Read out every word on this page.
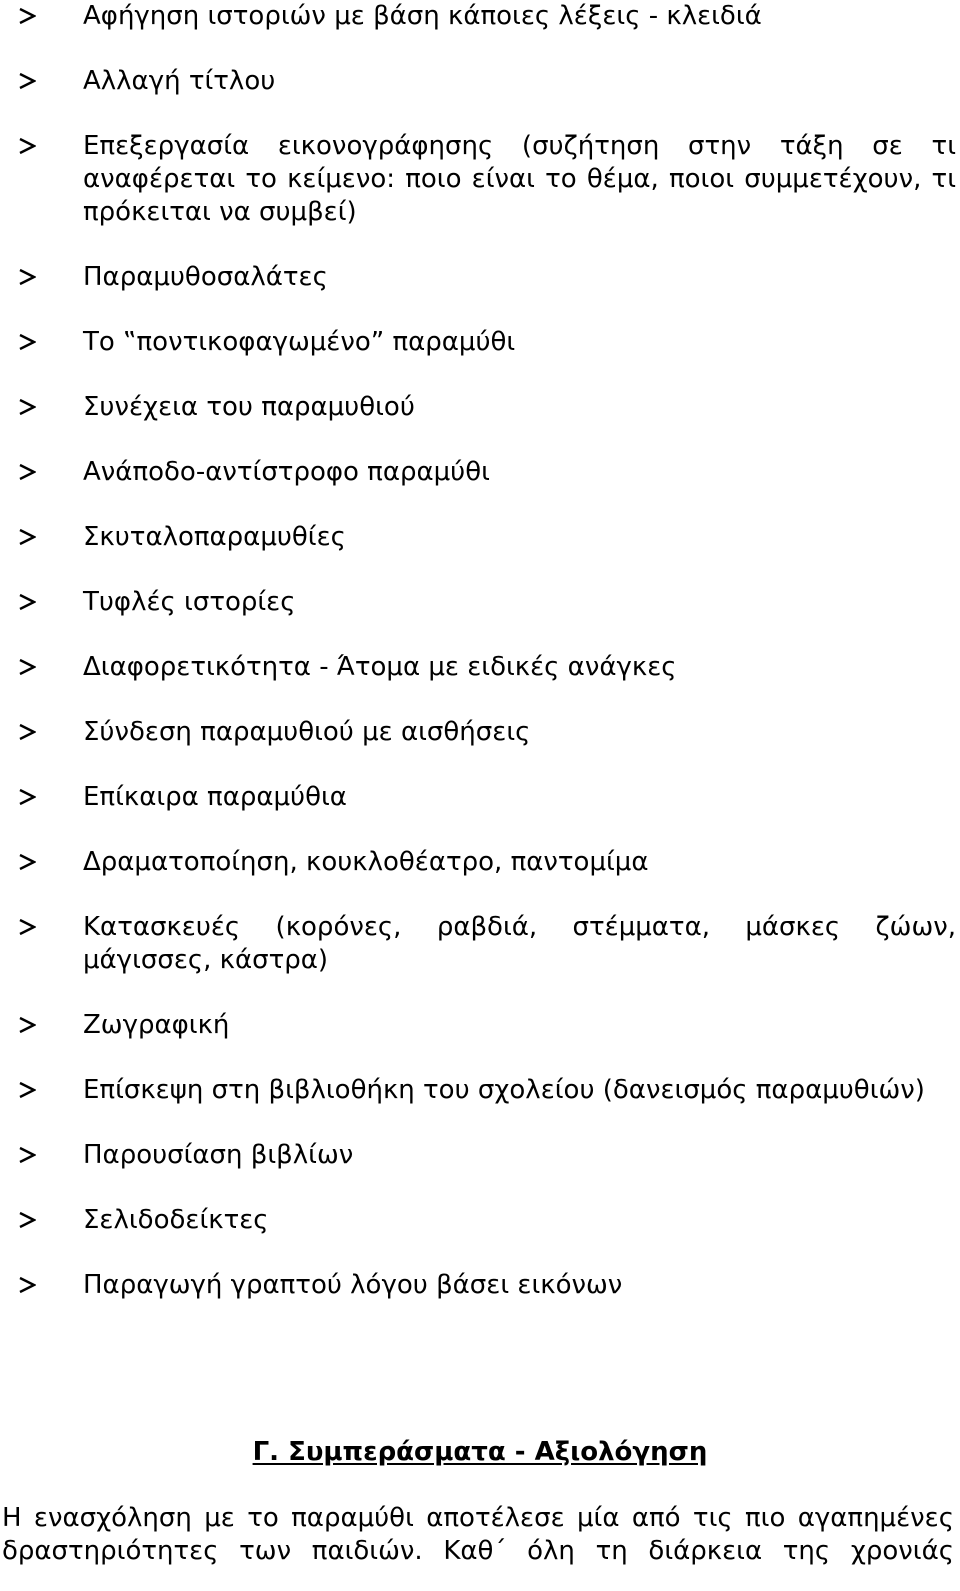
Αφήγηση ιστοριών με βάση κάποιες λέξεις - κλειδιά
Αλλαγή τίτλου
Επεξεργασία εικονογράφησης (συζήτηση στην τάξη σε τι αναφέρεται το κείμενο: ποιο είναι το θέμα, ποιοι συμμετέχουν, τι πρόκειται να συμβεί)
Παραμυθοσαλάτες
Το ‟ποντικοφαγωμένο” παραμύθι
Συνέχεια του παραμυθιού
Ανάποδο-αντίστροφο παραμύθι
Σκυταλοπαραμυθίες
Τυφλές ιστορίες
Διαφορετικότητα - Άτομα με ειδικές ανάγκες
Σύνδεση παραμυθιού με αισθήσεις
Επίκαιρα παραμύθια
Δραματοποίηση, κουκλοθέατρο, παντομίμα
Κατασκευές (κορόνες, ραβδιά, στέμματα, μάσκες ζώων, μάγισσες, κάστρα)
Ζωγραφική
Επίσκεψη στη βιβλιοθήκη του σχολείου (δανεισμός παραμυθιών)
Παρουσίαση βιβλίων
Σελιδοδείκτες
Παραγωγή γραπτού λόγου βάσει εικόνων
Γ. Συμπεράσματα - Αξιολόγηση
Η ενασχόληση με το παραμύθι αποτέλεσε μία από τις πιο αγαπημένες δραστηριότητες των παιδιών. Καθ΄ όλη τη διάρκεια της χρονιάς
